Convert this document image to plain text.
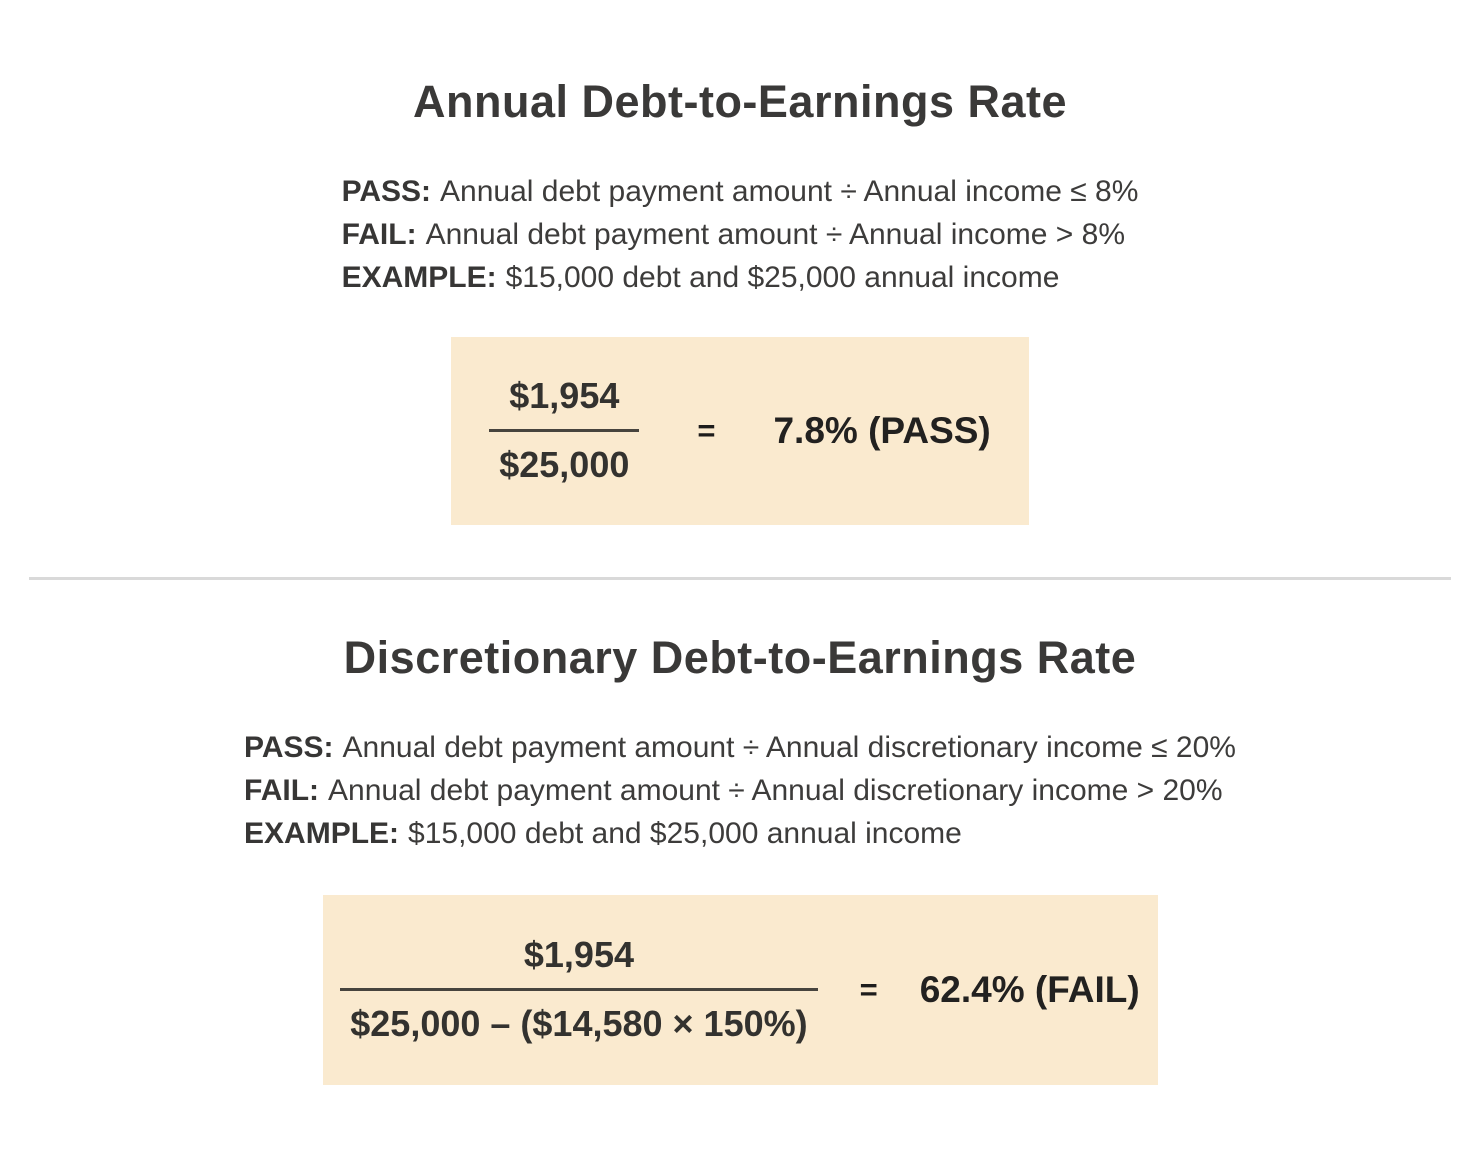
Annual Debt-to-Earnings Rate
PASS: Annual debt payment amount ÷ Annual income ≤ 8%
FAIL: Annual debt payment amount ÷ Annual income > 8%
EXAMPLE: $15,000 debt and $25,000 annual income
$\frac{\$1,954}{\$25,000} = 7.8\%$ (PASS)
Discretionary Debt-to-Earnings Rate
PASS: Annual debt payment amount ÷ Annual discretionary income ≤ 20%
FAIL: Annual debt payment amount ÷ Annual discretionary income > 20%
EXAMPLE: $15,000 debt and $25,000 annual income
$\frac{\$1,954}{\$25,000 - (\$14,580 \times 150\%)} = 62.4\%$ (FAIL)
